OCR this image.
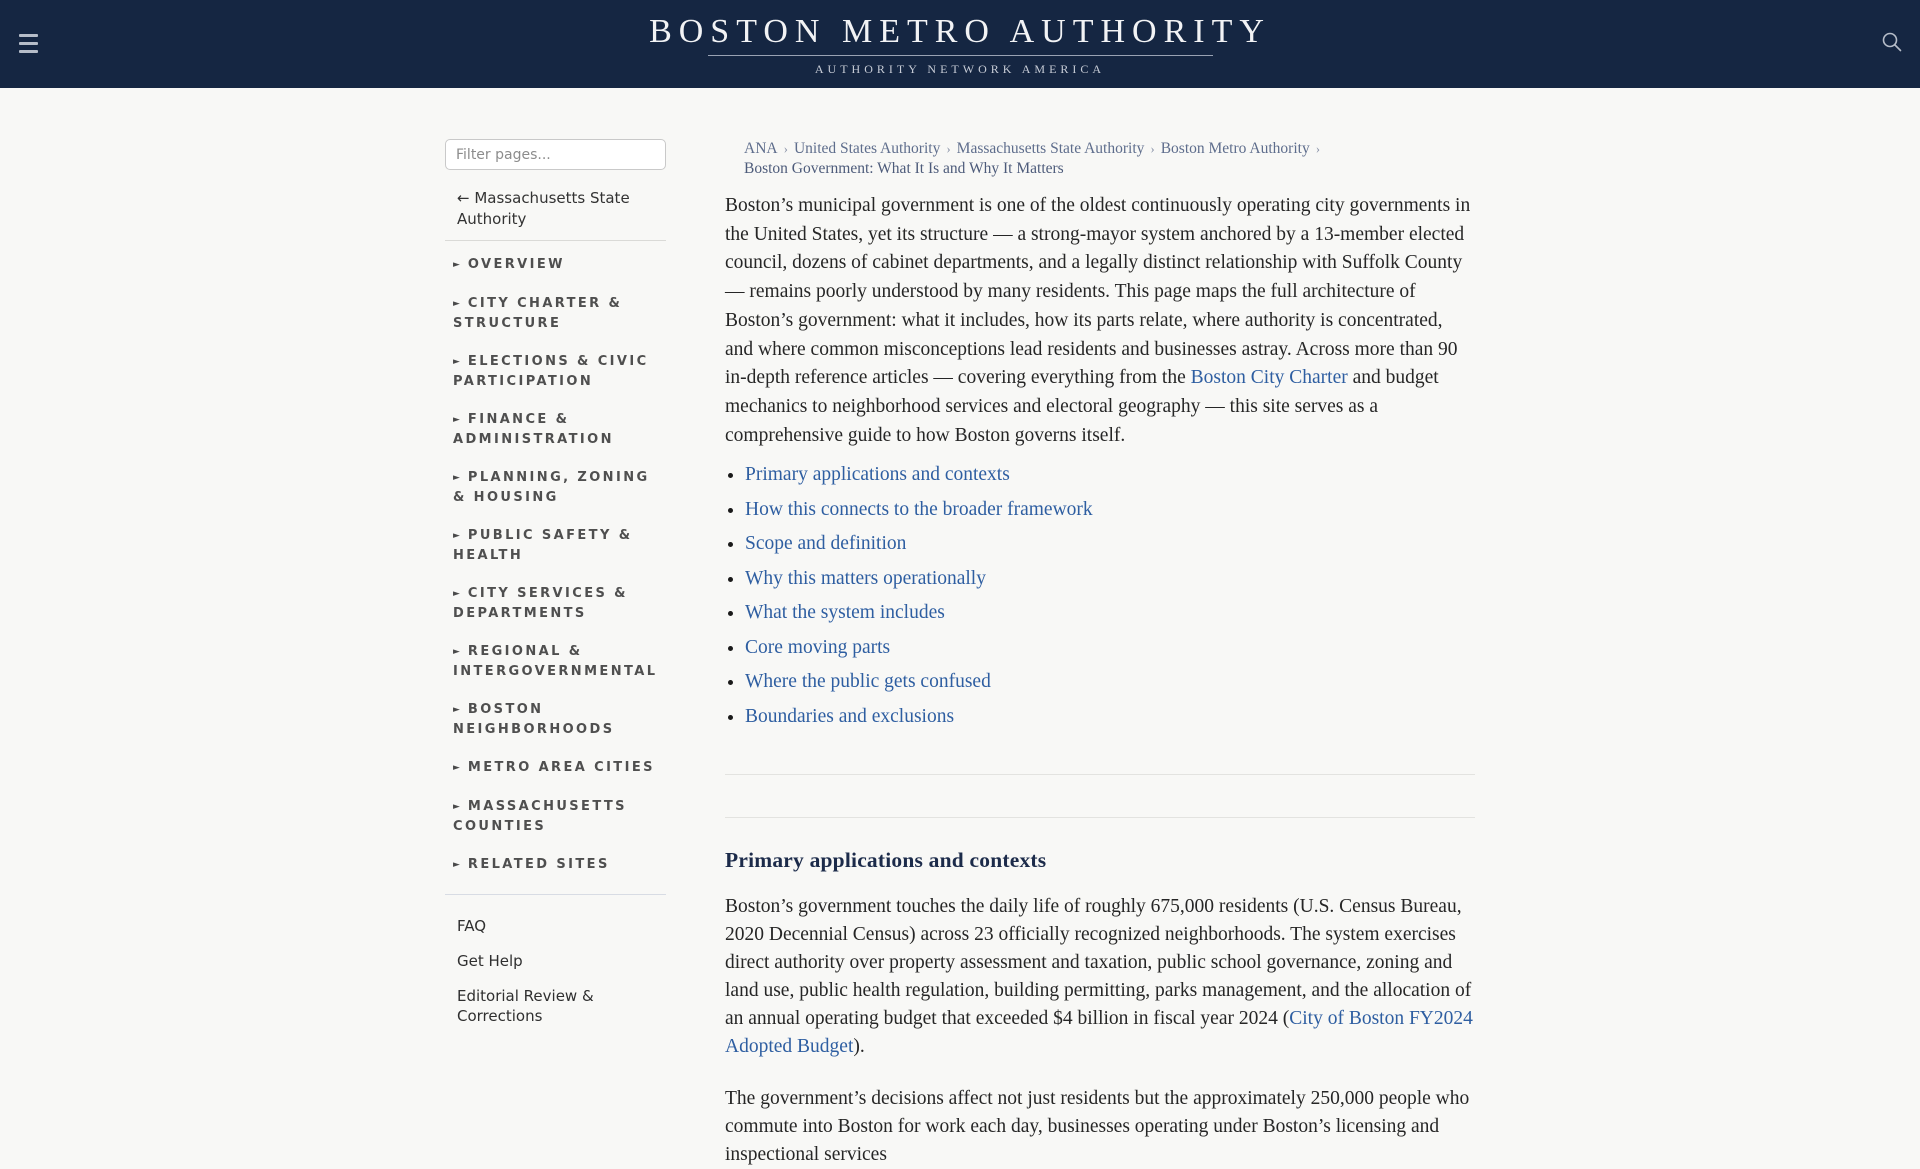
BOSTON METRO AUTHORITY
AUTHORITY NETWORK AMERICA
Filter pages...
← Massachusetts State Authority
► OVERVIEW
► CITY CHARTER & STRUCTURE
► ELECTIONS & CIVIC PARTICIPATION
► FINANCE & ADMINISTRATION
► PLANNING, ZONING & HOUSING
► PUBLIC SAFETY & HEALTH
► CITY SERVICES & DEPARTMENTS
► REGIONAL & INTERGOVERNMENTAL
► BOSTON NEIGHBORHOODS
► METRO AREA CITIES
► MASSACHUSETTS COUNTIES
► RELATED SITES
FAQ
Get Help
Editorial Review & Corrections
ANA › United States Authority › Massachusetts State Authority › Boston Metro Authority ›
Boston Government: What It Is and Why It Matters

Boston’s municipal government is one of the oldest continuously operating city governments in the United States, yet its structure — a strong-mayor system anchored by a 13-member elected council, dozens of cabinet departments, and a legally distinct relationship with Suffolk County — remains poorly understood by many residents. This page maps the full architecture of Boston’s government: what it includes, how its parts relate, where authority is concentrated, and where common misconceptions lead residents and businesses astray. Across more than 90 in-depth reference articles — covering everything from the Boston City Charter and budget mechanics to neighborhood services and electoral geography — this site serves as a comprehensive guide to how Boston governs itself.

• Primary applications and contexts
• How this connects to the broader framework
• Scope and definition
• Why this matters operationally
• What the system includes
• Core moving parts
• Where the public gets confused
• Boundaries and exclusions
Primary applications and contexts

Boston’s government touches the daily life of roughly 675,000 residents (U.S. Census Bureau, 2020 Decennial Census) across 23 officially recognized neighborhoods. The system exercises direct authority over property assessment and taxation, public school governance, zoning and land use, public health regulation, building permitting, parks management, and the allocation of an annual operating budget that exceeded $4 billion in fiscal year 2024 (City of Boston FY2024 Adopted Budget).

The government’s decisions affect not just residents but the approximately 250,000 people who commute into Boston for work each day, businesses operating under Boston’s licensing and inspectional services
